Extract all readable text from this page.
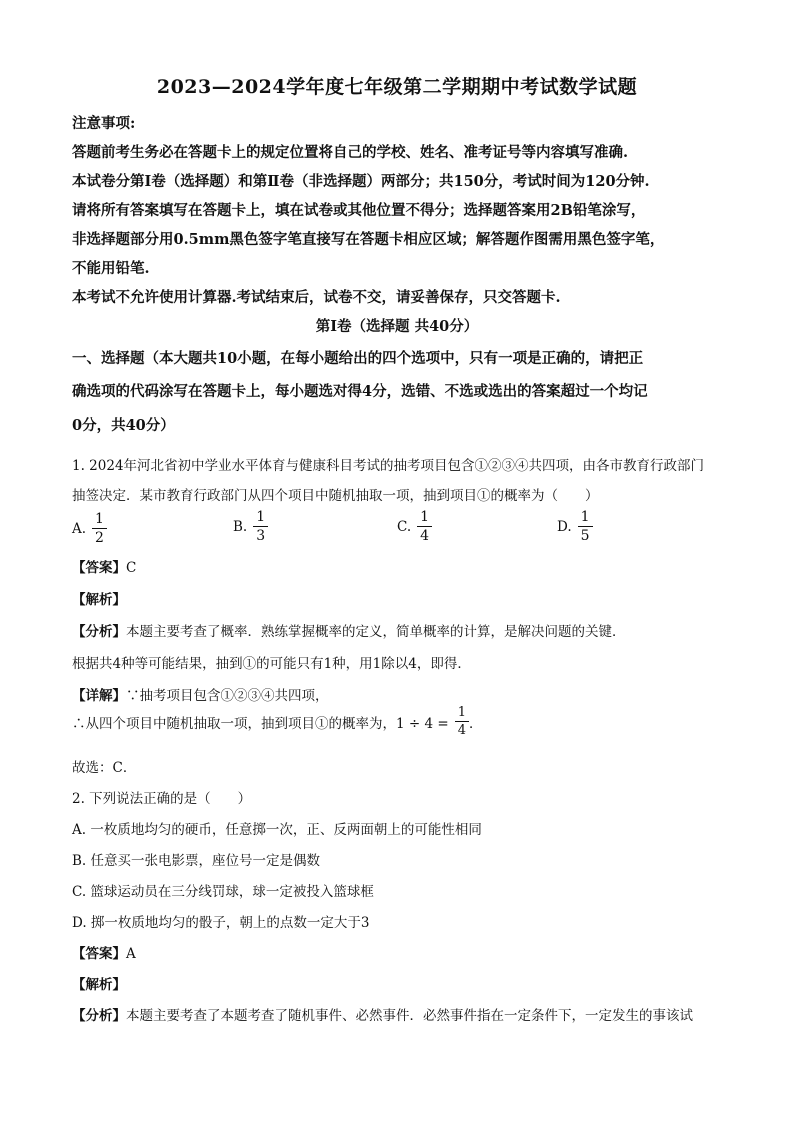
2023—2024学年度七年级第二学期期中考试数学试题
注意事项:
答题前考生务必在答题卡上的规定位置将自己的学校、姓名、准考证号等内容填写准确.
本试卷分第Ⅰ卷（选择题）和第Ⅱ卷（非选择题）两部分；共150分，考试时间为120分钟.
请将所有答案填写在答题卡上，填在试卷或其他位置不得分；选择题答案用2B铅笔涂写，
非选择题部分用0.5mm黑色签字笔直接写在答题卡相应区域；解答题作图需用黑色签字笔，
不能用铅笔.
本考试不允许使用计算器.考试结束后，试卷不交，请妥善保存，只交答题卡.
第Ⅰ卷（选择题 共40分）
一、选择题（本大题共10小题，在每小题给出的四个选项中，只有一项是正确的，请把正
确选项的代码涂写在答题卡上，每小题选对得4分，选错、不选或选出的答案超过一个均记
0分，共40分）
1. 2024年河北省初中学业水平体育与健康科目考试的抽考项目包含①②③④共四项，由各市教育行政部门
抽签决定．某市教育行政部门从四个项目中随机抽取一项，抽到项目①的概率为（　　）
A. $\frac{1}{2}$	B. $\frac{1}{3}$	C. $\frac{1}{4}$	D. $\frac{1}{5}$
【答案】C
【解析】
【分析】本题主要考查了概率．熟练掌握概率的定义，简单概率的计算，是解决问题的关键．
根据共4种等可能结果，抽到①的可能只有1种，用1除以4，即得．
【详解】∵抽考项目包含①②③④共四项，
∴从四个项目中随机抽取一项，抽到项目①的概率为，$1 \div 4 = \frac{1}{4}$ ．
故选：C．
2. 下列说法正确的是（　　）
A. 一枚质地均匀的硬币，任意掷一次，正、反两面朝上的可能性相同
B. 任意买一张电影票，座位号一定是偶数
C. 篮球运动员在三分线罚球，球一定被投入篮球框
D. 掷一枚质地均匀的骰子，朝上的点数一定大于3
【答案】A
【解析】
【分析】本题主要考查了本题考查了随机事件、必然事件．必然事件指在一定条件下，一定发生的事该试
